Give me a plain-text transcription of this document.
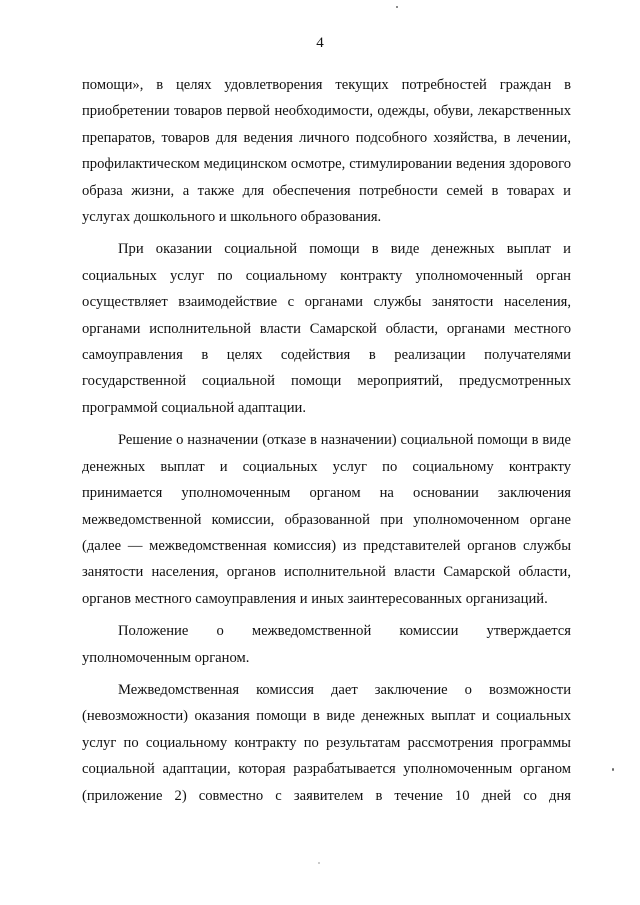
4

помощи», в целях удовлетворения текущих потребностей граждан в приобретении товаров первой необходимости, одежды, обуви, лекарственных препаратов, товаров для ведения личного подсобного хозяйства, в лечении, профилактическом медицинском осмотре, стимулировании ведения здорового образа жизни, а также для обеспечения потребности семей в товарах и услугах дошкольного и школьного образования.

При оказании социальной помощи в виде денежных выплат и социальных услуг по социальному контракту уполномоченный орган осуществляет взаимодействие с органами службы занятости населения, органами исполнительной власти Самарской области, органами местного самоуправления в целях содействия в реализации получателями государственной социальной помощи мероприятий, предусмотренных программой социальной адаптации.

Решение о назначении (отказе в назначении) социальной помощи в виде денежных выплат и социальных услуг по социальному контракту принимается уполномоченным органом на основании заключения межведомственной комиссии, образованной при уполномоченном органе (далее — межведомственная комиссия) из представителей органов службы занятости населения, органов исполнительной власти Самарской области, органов местного самоуправления и иных заинтересованных организаций.

Положение о межведомственной комиссии утверждается уполномоченным органом.

Межведомственная комиссия дает заключение о возможности (невозможности) оказания помощи в виде денежных выплат и социальных услуг по социальному контракту по результатам рассмотрения программы социальной адаптации, которая разрабатывается уполномоченным органом (приложение 2) совместно с заявителем в течение 10 дней со дня
